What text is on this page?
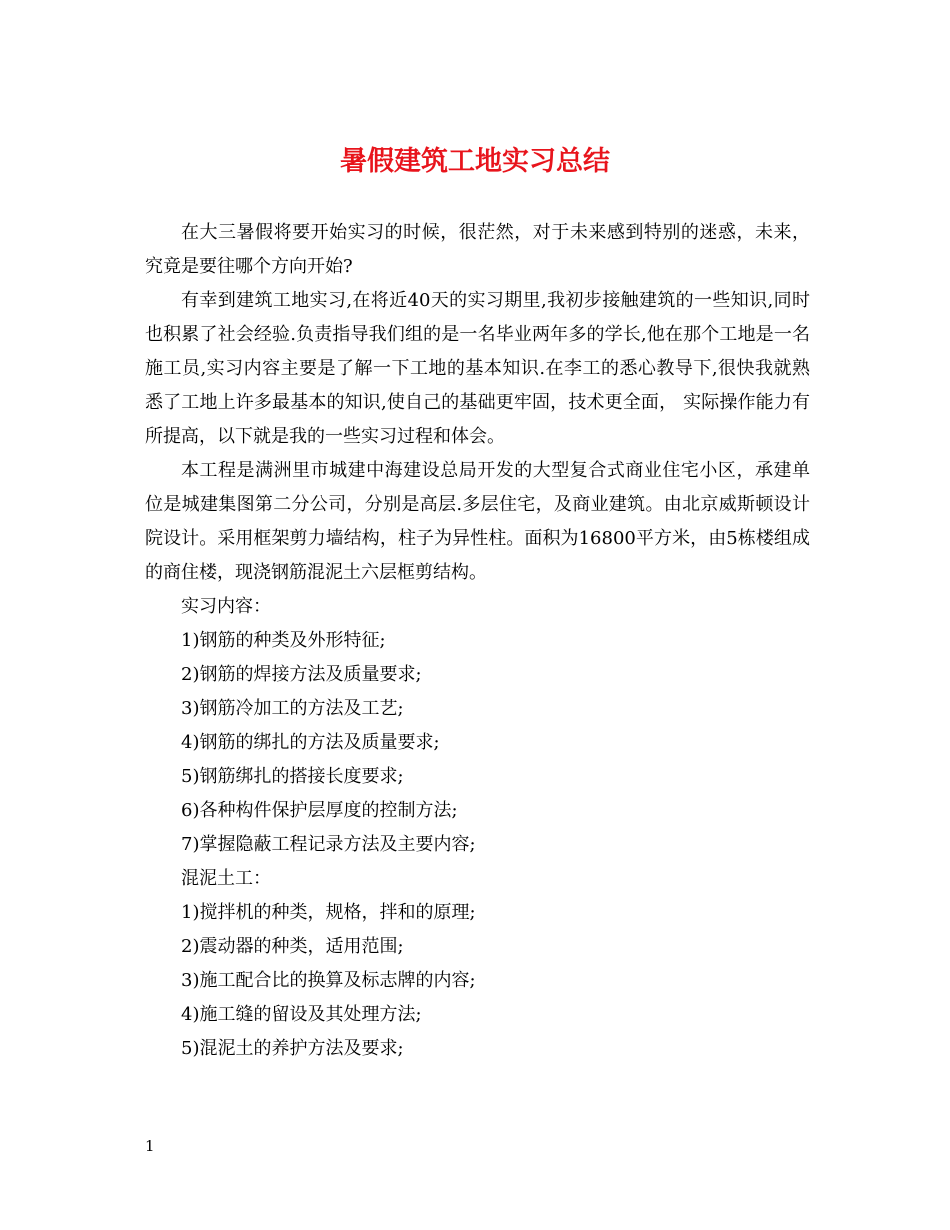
暑假建筑工地实习总结

在大三暑假将要开始实习的时候，很茫然，对于未来感到特别的迷惑，未来，究竟是要往哪个方向开始?

有幸到建筑工地实习,在将近40天的实习期里,我初步接触建筑的一些知识,同时也积累了社会经验.负责指导我们组的是一名毕业两年多的学长,他在那个工地是一名施工员,实习内容主要是了解一下工地的基本知识.在李工的悉心教导下,很快我就熟悉了工地上许多最基本的知识,使自己的基础更牢固，技术更全面， 实际操作能力有所提高，以下就是我的一些实习过程和体会。

本工程是满洲里市城建中海建设总局开发的大型复合式商业住宅小区，承建单位是城建集图第二分公司，分别是高层.多层住宅，及商业建筑。由北京威斯顿设计院设计。采用框架剪力墙结构，柱子为异性柱。面积为16800平方米，由5栋楼组成的商住楼，现浇钢筋混泥土六层框剪结构。

实习内容：

1)钢筋的种类及外形特征;

2)钢筋的焊接方法及质量要求;

3)钢筋冷加工的方法及工艺;

4)钢筋的绑扎的方法及质量要求;

5)钢筋绑扎的搭接长度要求;

6)各种构件保护层厚度的控制方法;

7)掌握隐蔽工程记录方法及主要内容;

混泥土工：

1)搅拌机的种类，规格，拌和的原理;

2)震动器的种类，适用范围;

3)施工配合比的换算及标志牌的内容;

4)施工缝的留设及其处理方法;

5)混泥土的养护方法及要求;

1
